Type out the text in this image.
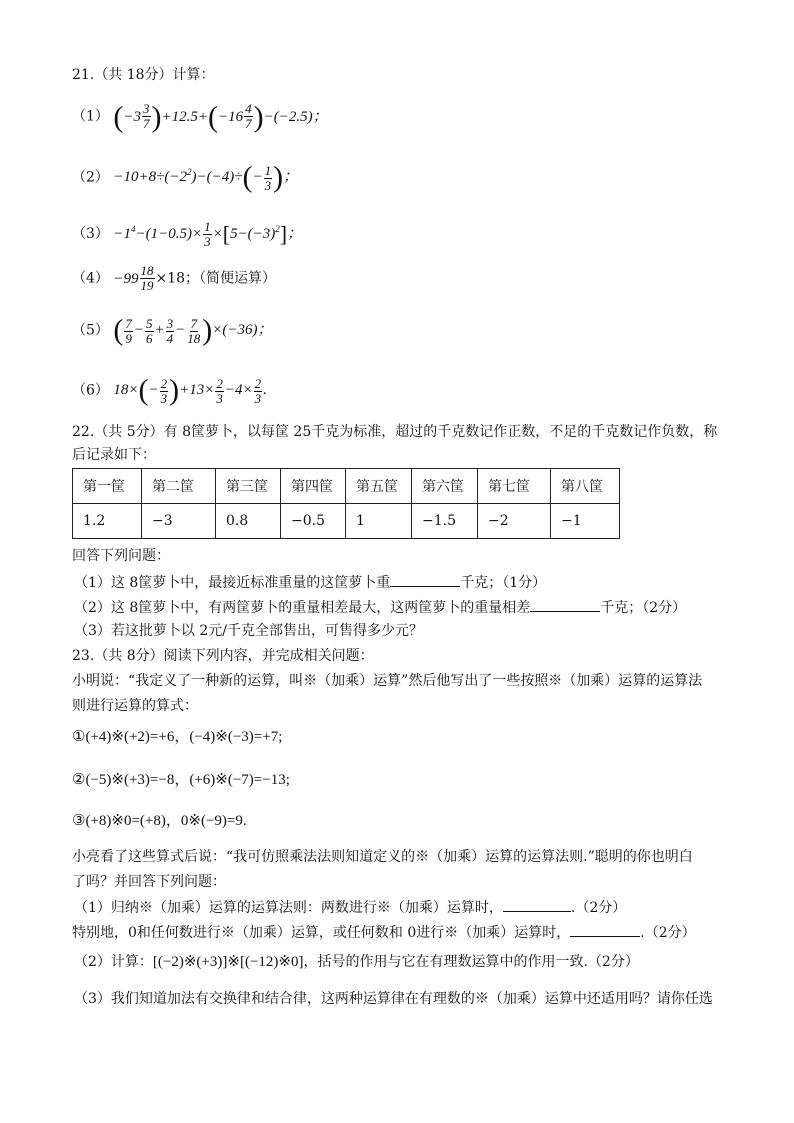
21.（共 18分）计算：
（1） ( $-3 \frac{3}{7} )+12.5+( -16 \frac{4}{7} )-(-2.5)$；
$(2) -10+8\div(-2^2)-(-4)\div(- \frac{1}{3}$ )；
$(3) -1^4-(1-0.5)\times \frac{1}{3} \times[5-(-3)^2]$；
$(4) -99 \frac{18}{19} \times 18$；（简便运算）
（5） ( $\frac{7}{9} - \frac{5}{6} + \frac{3}{4} - \frac{7}{18} )\times(-36)$；
（6） $18\times(- \frac{2}{3} )+13\times \frac{2}{3} -4\times \frac{2}{3}$ .
22.（共 5分）有 8筐萝卜，以每筐 25千克为标准，超过的千克数记作正数，不足的千克数记作负数，称
后记录如下：
第一筐	第二筐	第三筐	第四筐	第五筐	第六筐	第七筐	第八筐
1.2	−3	0.8	−0.5	1	−1.5	−2	−1
回答下列问题：
（1）这 8筐萝卜中，最接近标准重量的这筐萝卜重	千克；（1分）
（2）这 8筐萝卜中，有两筐萝卜的重量相差最大，这两筐萝卜的重量相差	千克；（2分）
（3）若这批萝卜以 2元/千克全部售出，可售得多少元？
23.（共 8分）阅读下列内容，并完成相关问题：
小明说：“我定义了一种新的运算，叫※（加乘）运算”然后他写出了一些按照※（加乘）运算的运算法
则进行运算的算式：
①(+4)※(+2)=+6，(−4)※(−3)=+7;
②(−5)※(+3)=−8，(+6)※(−7)=−13;
③(+8)※0=(+8)，0※(−9)=9.
小亮看了这些算式后说：“我可仿照乘法法则知道定义的※（加乘）运算的运算法则.”聪明的你也明白
了吗？并回答下列问题：
（1）归纳※（加乘）运算的运算法则：两数进行※（加乘）运算时，	.（2分）
特别地，0和任何数进行※（加乘）运算，或任何数和 0进行※（加乘）运算时，	.（2分）
（2）计算：[(−2)※(+3)]※[(−12)※0]，括号的作用与它在有理数运算中的作用一致.（2分）
（3）我们知道加法有交换律和结合律，这两种运算律在有理数的※（加乘）运算中还适用吗？请你任选
